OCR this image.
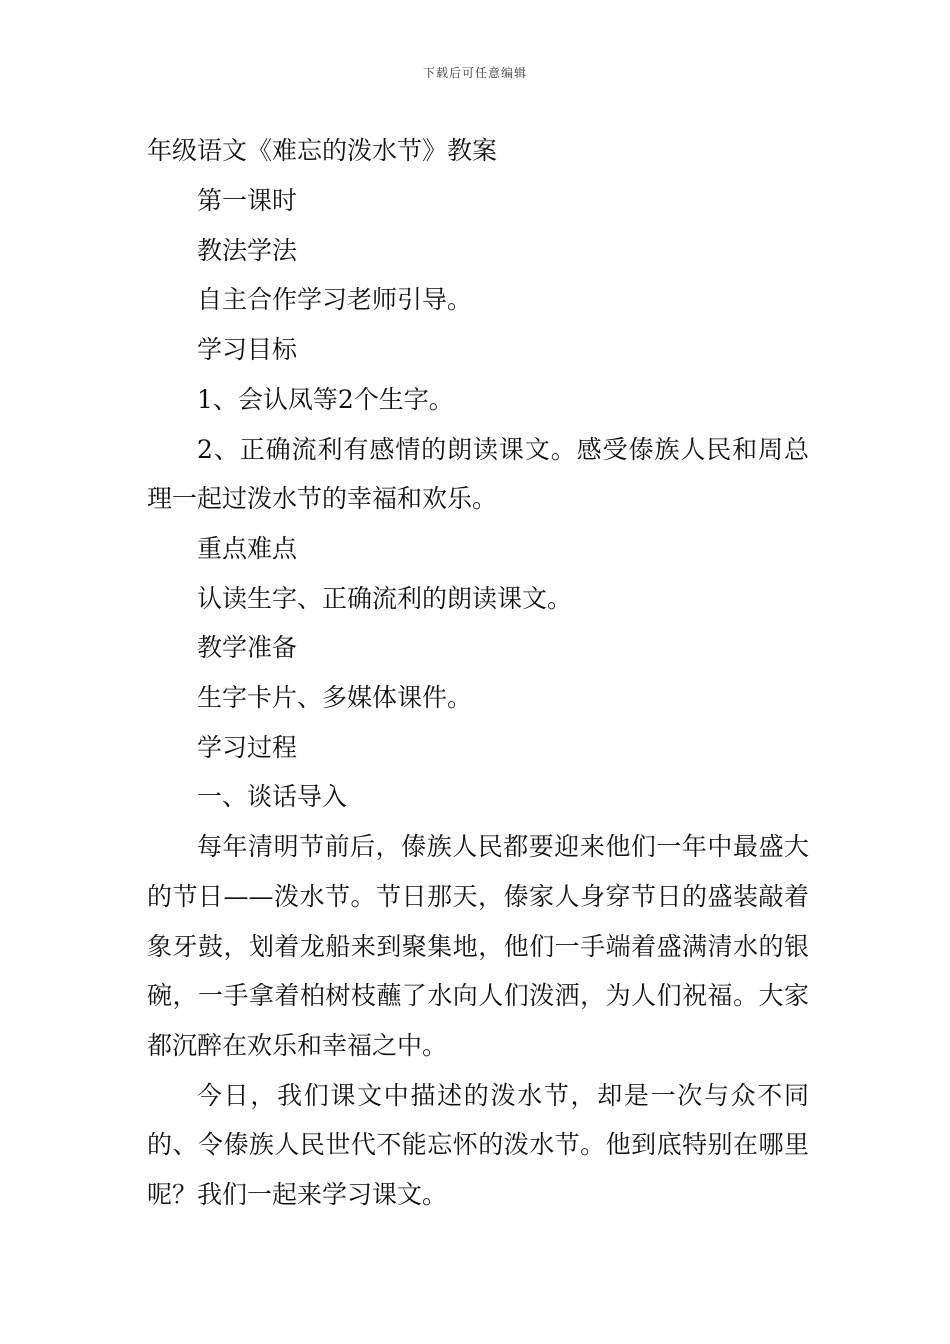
下载后可任意编辑
年级语文《难忘的泼水节》教案

第一课时

教法学法

自主合作学习老师引导。

学习目标

1、会认凤等2个生字。

2、正确流利有感情的朗读课文。感受傣族人民和周总理一起过泼水节的幸福和欢乐。

重点难点

认读生字、正确流利的朗读课文。

教学准备

生字卡片、多媒体课件。

学习过程

一、谈话导入

每年清明节前后，傣族人民都要迎来他们一年中最盛大的节日——泼水节。节日那天，傣家人身穿节日的盛装敲着象牙鼓，划着龙船来到聚集地，他们一手端着盛满清水的银碗，一手拿着柏树枝蘸了水向人们泼洒，为人们祝福。大家都沉醉在欢乐和幸福之中。

今日，我们课文中描述的泼水节，却是一次与众不同的、令傣族人民世代不能忘怀的泼水节。他到底特别在哪里呢？我们一起来学习课文。
